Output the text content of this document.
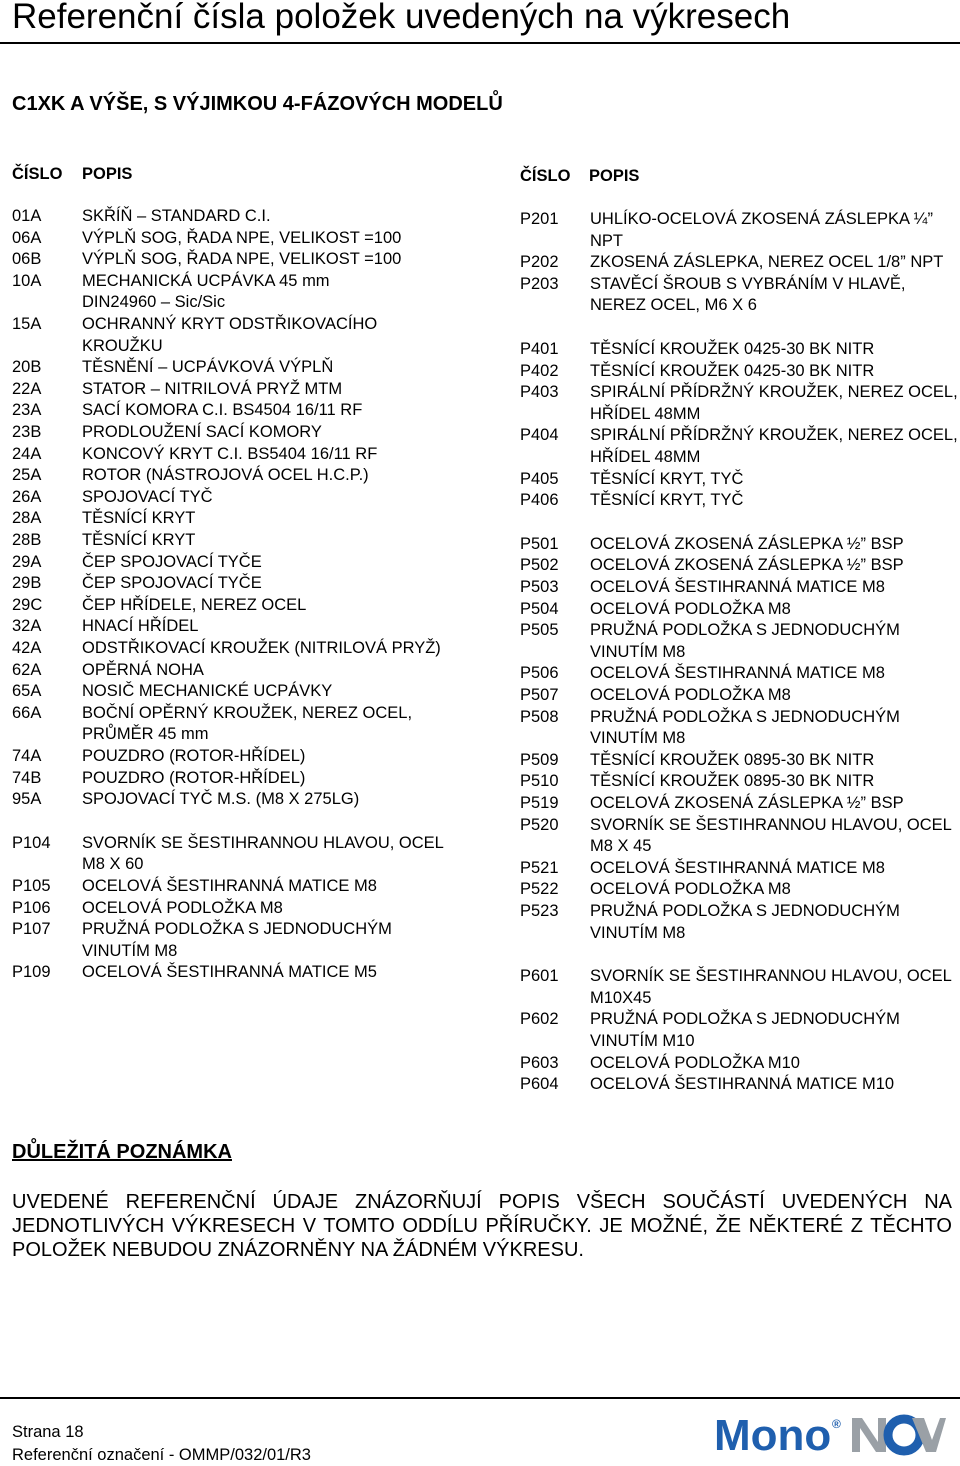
Referenční čísla položek uvedených na výkresech
C1XK A VÝŠE, S VÝJIMKOU 4-FÁZOVÝCH MODELŮ
ČÍSLO POPIS	ČÍSLO POPIS
01A SKŘÍŇ – STANDARD C.I.
06A VÝPLŇ SOG, ŘADA NPE, VELIKOST =100
06B VÝPLŇ SOG, ŘADA NPE, VELIKOST =100
10A MECHANICKÁ UCPÁVKA 45 mm
DIN24960 – Sic/Sic
15A OCHRANNÝ KRYT ODSTŘIKOVACÍHO
KROUŽKU
20B TĚSNĚNÍ – UCPÁVKOVÁ VÝPLŇ
22A STATOR – NITRILOVÁ PRYŽ MTM
23A SACÍ KOMORA C.I. BS4504 16/11 RF
23B PRODLOUŽENÍ SACÍ KOMORY
24A KONCOVÝ KRYT C.I. BS5404 16/11 RF
25A ROTOR (NÁSTROJOVÁ OCEL H.C.P.)
26A SPOJOVACÍ TYČ
28A TĚSNÍCÍ KRYT
28B TĚSNÍCÍ KRYT
29A ČEP SPOJOVACÍ TYČE
29B ČEP SPOJOVACÍ TYČE
29C ČEP HŘÍDELE, NEREZ OCEL
32A HNACÍ HŘÍDEL
42A ODSTŘIKOVACÍ KROUŽEK (NITRILOVÁ PRYŽ)
62A OPĚRNÁ NOHA
65A NOSIČ MECHANICKÉ UCPÁVKY
66A BOČNÍ OPĚRNÝ KROUŽEK, NEREZ OCEL,
PRŮMĚR 45 mm
74A POUZDRO (ROTOR-HŘÍDEL)
74B POUZDRO (ROTOR-HŘÍDEL)
95A SPOJOVACÍ TYČ M.S. (M8 X 275LG)
P104 SVORNÍK SE ŠESTIHRANNOU HLAVOU, OCEL
M8 X 60
P105 OCELOVÁ ŠESTIHRANNÁ MATICE M8
P106 OCELOVÁ PODLOŽKA M8
P107 PRUŽNÁ PODLOŽKA S JEDNODUCHÝM
VINUTÍM M8
P109 OCELOVÁ ŠESTIHRANNÁ MATICE M5
P201 UHLÍKO-OCELOVÁ ZKOSENÁ ZÁSLEPKA ¼”
NPT
P202 ZKOSENÁ ZÁSLEPKA, NEREZ OCEL 1/8” NPT
P203 STAVĚCÍ ŠROUB S VYBRÁNÍM V HLAVĚ,
NEREZ OCEL, M6 X 6
P401 TĚSNÍCÍ KROUŽEK 0425-30 BK NITR
P402 TĚSNÍCÍ KROUŽEK 0425-30 BK NITR
P403 SPIRÁLNÍ PŘÍDRŽNÝ KROUŽEK, NEREZ OCEL,
HŘÍDEL 48MM
P404 SPIRÁLNÍ PŘÍDRŽNÝ KROUŽEK, NEREZ OCEL,
HŘÍDEL 48MM
P405 TĚSNÍCÍ KRYT, TYČ
P406 TĚSNÍCÍ KRYT, TYČ
P501 OCELOVÁ ZKOSENÁ ZÁSLEPKA ½” BSP
P502 OCELOVÁ ZKOSENÁ ZÁSLEPKA ½” BSP
P503 OCELOVÁ ŠESTIHRANNÁ MATICE M8
P504 OCELOVÁ PODLOŽKA M8
P505 PRUŽNÁ PODLOŽKA S JEDNODUCHÝM
VINUTÍM M8
P506 OCELOVÁ ŠESTIHRANNÁ MATICE M8
P507 OCELOVÁ PODLOŽKA M8
P508 PRUŽNÁ PODLOŽKA S JEDNODUCHÝM
VINUTÍM M8
P509 TĚSNÍCÍ KROUŽEK 0895-30 BK NITR
P510 TĚSNÍCÍ KROUŽEK 0895-30 BK NITR
P519 OCELOVÁ ZKOSENÁ ZÁSLEPKA ½” BSP
P520 SVORNÍK SE ŠESTIHRANNOU HLAVOU, OCEL
M8 X 45
P521 OCELOVÁ ŠESTIHRANNÁ MATICE M8
P522 OCELOVÁ PODLOŽKA M8
P523 PRUŽNÁ PODLOŽKA S JEDNODUCHÝM
VINUTÍM M8
P601 SVORNÍK SE ŠESTIHRANNOU HLAVOU, OCEL
M10X45
P602 PRUŽNÁ PODLOŽKA S JEDNODUCHÝM
VINUTÍM M10
P603 OCELOVÁ PODLOŽKA M10
P604 OCELOVÁ ŠESTIHRANNÁ MATICE M10
DŮLEŽITÁ POZNÁMKA
UVEDENÉ REFERENČNÍ ÚDAJE ZNÁZORŇUJÍ POPIS VŠECH SOUČÁSTÍ UVEDENÝCH NA JEDNOTLIVÝCH VÝKRESECH V TOMTO ODDÍLU PŘÍRUČKY. JE MOŽNÉ, ŽE NĚKTERÉ Z TĚCHTO POLOŽEK NEBUDOU ZNÁZORNĚNY NA ŽÁDNÉM VÝKRESU.
Strana 18
Referenční označení - OMMP/032/01/R3	Mono ®
